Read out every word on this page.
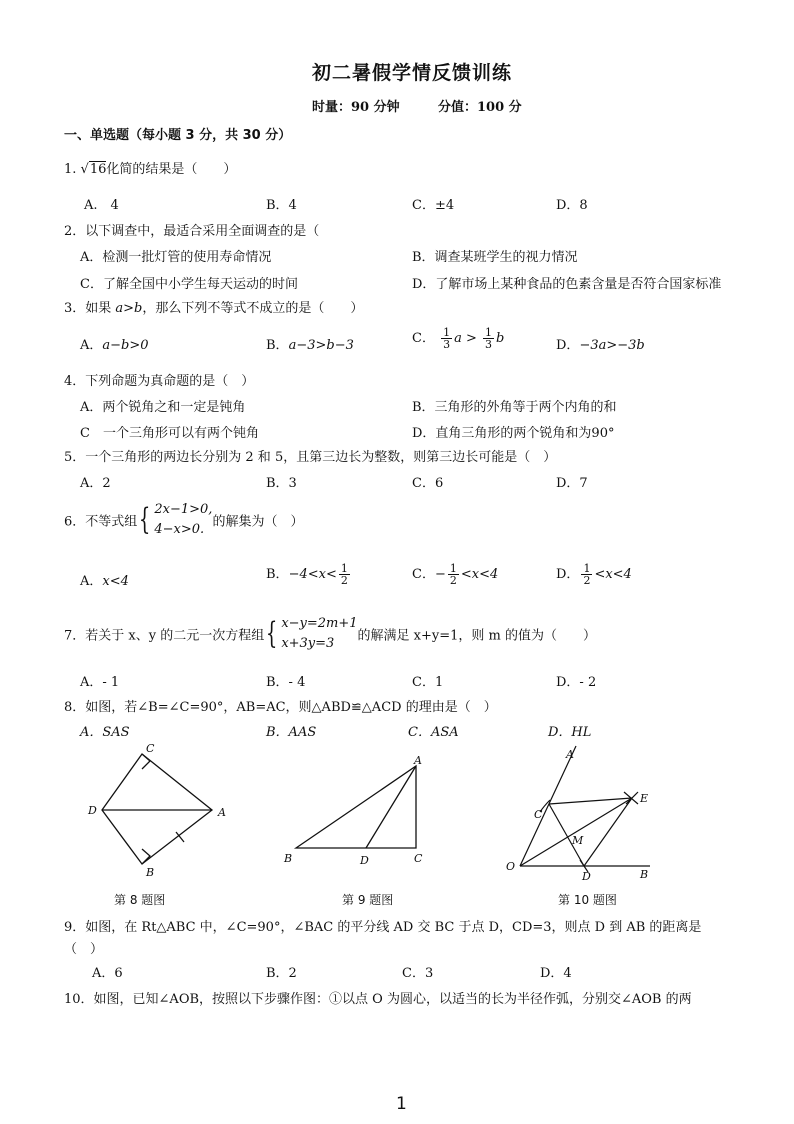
初二暑假学情反馈训练
时量：90 分钟	分值：100 分
一、单选题（每小题 3 分，共 30 分）
1. √16化简的结果是（　　）
A.　4	B．4	C．±4	D．8
2．以下调查中，最适合采用全面调查的是（
A．检测一批灯管的使用寿命情况	B．调查某班学生的视力情况
C．了解全国中小学生每天运动的时间	D．了解市场上某种食品的色素含量是否符合国家标准
3．如果 a>b，那么下列不等式不成立的是（　　）
A．a−b>0	B．a−3>b−3	C． $\frac{1}{3}$ $a > \frac{1}{3}$ b	D．−3a>−3b
4．下列命题为真命题的是（　）
A．两个锐角之和一定是钝角	B．三角形的外角等于两个内角的和
C　一个三角形可以有两个钝角	D．直角三角形的两个锐角和为90°
5．一个三角形的两边长分别为 2 和 5，且第三边长为整数，则第三边长可能是（　）
A．2	B．3	C．6	D．7
6．不等式组{ 2x−1>0,
4−x>0. 的解集为（　）
A．x<4	B．$-4<x< \frac{1}{2}$	C．− $\frac{1}{2} <x<4$	D． $\frac{1}{2} <x<4$
7．若关于 x、y 的二元一次方程组{ x−y=2m+1
x+3y=3	的解满足 x+y=1，则 m 的值为（　　）
A．- 1	B．- 4	C．1	D．- 2
8．如图，若∠B=∠C=90°，AB=AC，则△ABD≌△ACD 的理由是（　）
A．SAS	B．AAS	C．ASA	D．HL
C
D	A
B
第 8 题图
A
B	D	C
第 9 题图
A
E
C
M
O
D	B
第 10 题图
9．如图，在 Rt△ABC 中，∠C=90°，∠BAC 的平分线 AD 交 BC 于点 D，CD=3，则点 D 到 AB 的距离是
（　）
A．6	B．2	C．3	D．4
10．如图，已知∠AOB，按照以下步骤作图：①以点 O 为圆心，以适当的长为半径作弧，分别交∠AOB 的两
1
